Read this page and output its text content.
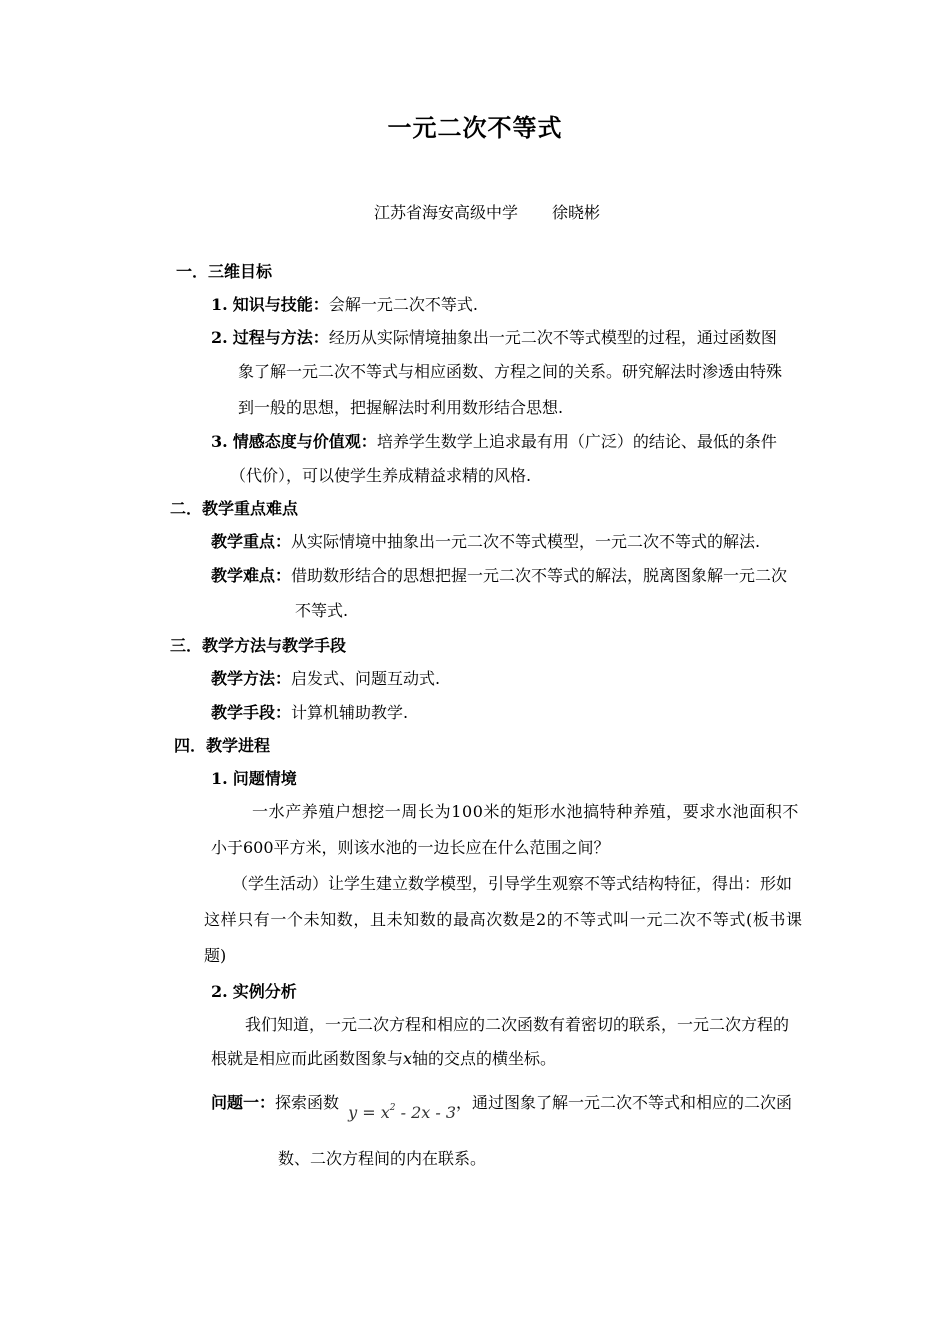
一元二次不等式
江苏省海安高级中学 徐晓彬
一．三维目标
1. 知识与技能：会解一元二次不等式.
2. 过程与方法：经历从实际情境抽象出一元二次不等式模型的过程，通过函数图
象了解一元二次不等式与相应函数、方程之间的关系。研究解法时渗透由特殊
到一般的思想，把握解法时利用数形结合思想.
3. 情感态度与价值观：培养学生数学上追求最有用（广泛）的结论、最低的条件
（代价），可以使学生养成精益求精的风格.
二．教学重点难点
教学重点：从实际情境中抽象出一元二次不等式模型，一元二次不等式的解法.
教学难点：借助数形结合的思想把握一元二次不等式的解法，脱离图象解一元二次
不等式.
三．教学方法与教学手段
教学方法：启发式、问题互动式.
教学手段：计算机辅助教学.
四．教学进程
1. 问题情境
一水产养殖户想挖一周长为100米的矩形水池搞特种养殖，要求水池面积不
小于600平方米，则该水池的一边长应在什么范围之间？
（学生活动）让学生建立数学模型，引导学生观察不等式结构特征，得出：形如
这样只有一个未知数，且未知数的最高次数是2的不等式叫一元二次不等式(板书课
题)
2. 实例分析
我们知道，一元二次方程和相应的二次函数有着密切的联系，一元二次方程的
根就是相应而此函数图象与x轴的交点的横坐标。
问题一：探索函数 $y = x^2 - 2x - 3$，通过图象了解一元二次不等式和相应的二次函
数、二次方程间的内在联系。
